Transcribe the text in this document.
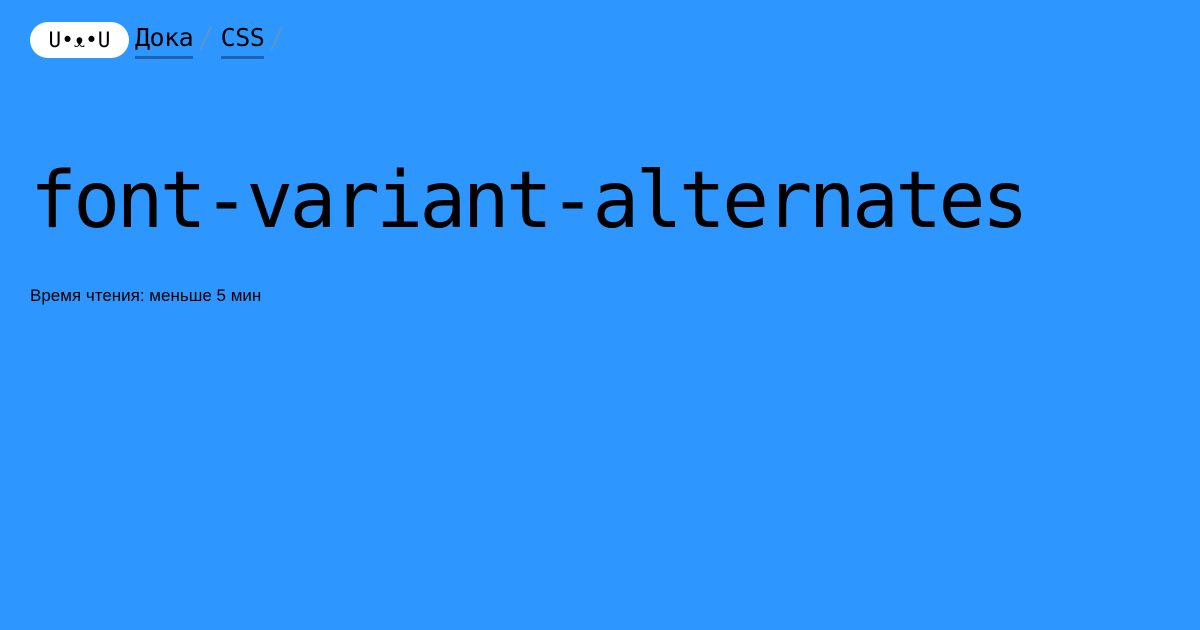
U•ᴥ•U Дока / CSS /
font-variant-alternates
Время чтения: меньше 5 мин
